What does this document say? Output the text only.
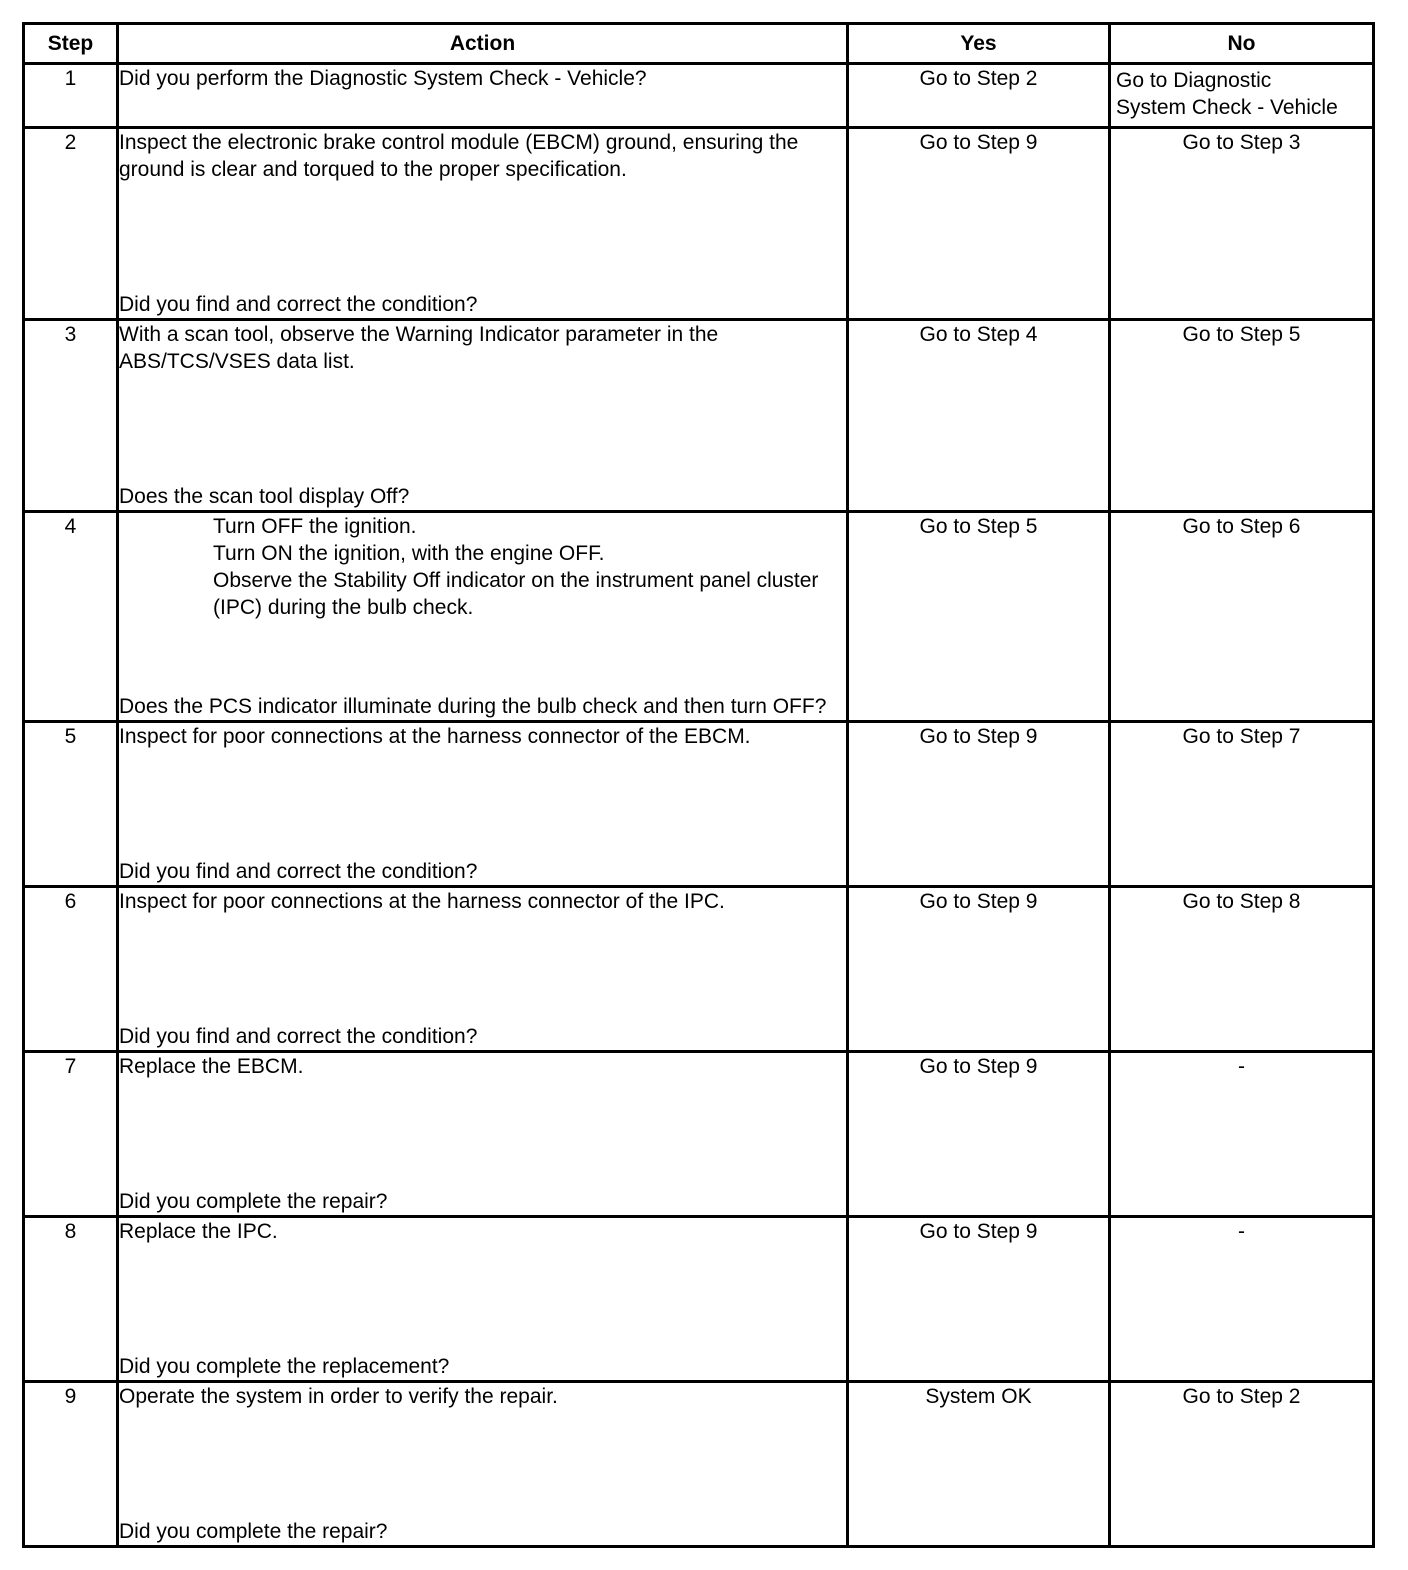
Step	Action	Yes	No
1	Did you perform the Diagnostic System Check - Vehicle?	Go to Step 2	Go to Diagnostic
System Check - Vehicle

2	Inspect the electronic brake control module (EBCM) ground, ensuring the ground is clear and torqued to the proper specification.
Did you find and correct the condition?	Go to Step 9	Go to Step 3
3	With a scan tool, observe the Warning Indicator parameter in the ABS/TCS/VSES data list.
Does the scan tool display Off?	Go to Step 4	Go to Step 5
4	Turn OFF the ignition.
Turn ON the ignition, with the engine OFF.
Observe the Stability Off indicator on the instrument panel cluster (IPC) during the bulb check.
Does the PCS indicator illuminate during the bulb check and then turn OFF?	Go to Step 5	Go to Step 6
5	Inspect for poor connections at the harness connector of the EBCM.
Did you find and correct the condition?	Go to Step 9	Go to Step 7
6	Inspect for poor connections at the harness connector of the IPC.
Did you find and correct the condition?	Go to Step 9	Go to Step 8
7	Replace the EBCM.
Did you complete the repair?	Go to Step 9	-
8	Replace the IPC.
Did you complete the replacement?	Go to Step 9	-
9	Operate the system in order to verify the repair.
Did you complete the repair?	System OK	Go to Step 2
